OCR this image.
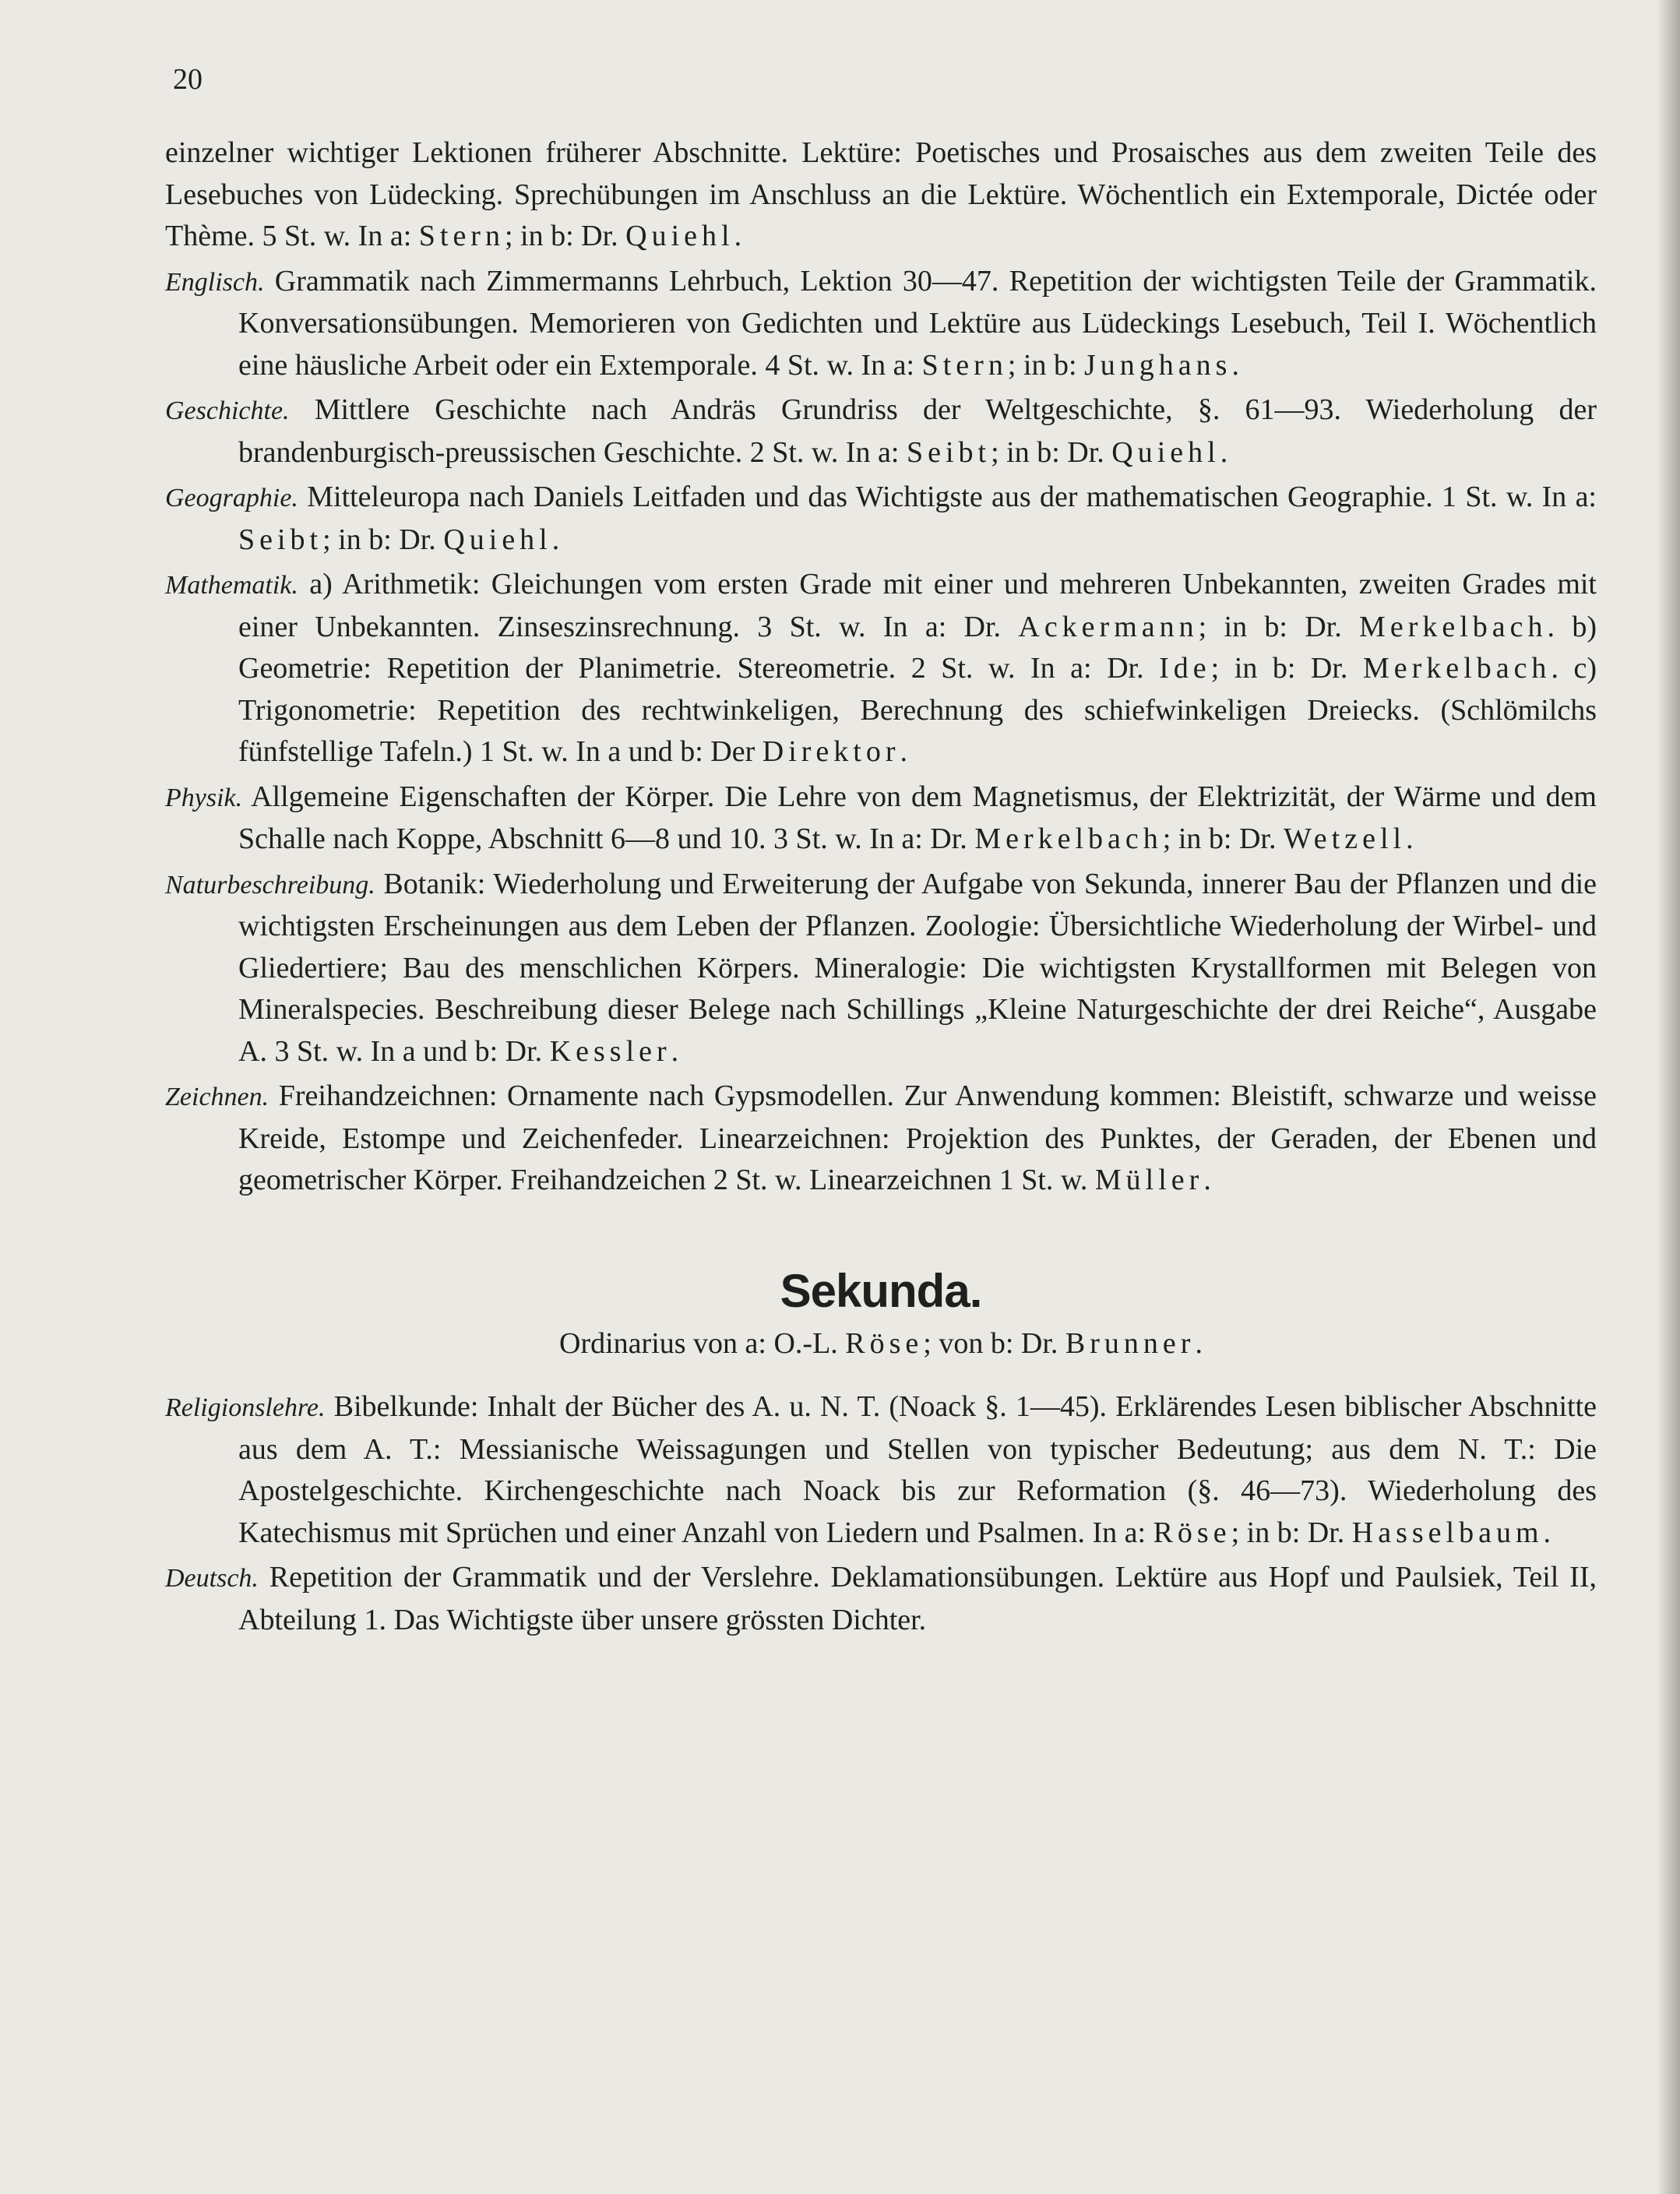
20

einzelner wichtiger Lektionen früherer Abschnitte. Lektüre: Poetisches und Prosaisches aus dem zweiten Teile des Lesebuches von Lüdecking. Sprechübungen im Anschluss an die Lektüre. Wöchentlich ein Extemporale, Dictée oder Thème. 5 St. w. In a: Stern; in b: Dr. Quiehl.

Englisch. Grammatik nach Zimmermanns Lehrbuch, Lektion 30—47. Repetition der wichtigsten Teile der Grammatik. Konversationsübungen. Memorieren von Gedichten und Lektüre aus Lüdeckings Lesebuch, Teil I. Wöchentlich eine häusliche Arbeit oder ein Extemporale. 4 St. w. In a: Stern; in b: Junghans.

Geschichte. Mittlere Geschichte nach Andräs Grundriss der Weltgeschichte, §. 61—93. Wiederholung der brandenburgisch-preussischen Geschichte. 2 St. w. In a: Seibt; in b: Dr. Quiehl.

Geographie. Mitteleuropa nach Daniels Leitfaden und das Wichtigste aus der mathematischen Geographie. 1 St. w. In a: Seibt; in b: Dr. Quiehl.

Mathematik. a) Arithmetik: Gleichungen vom ersten Grade mit einer und mehreren Unbekannten, zweiten Grades mit einer Unbekannten. Zinseszinsrechnung. 3 St. w. In a: Dr. Ackermann; in b: Dr. Merkelbach. b) Geometrie: Repetition der Planimetrie. Stereometrie. 2 St. w. In a: Dr. Ide; in b: Dr. Merkelbach. c) Trigonometrie: Repetition des rechtwinkeligen, Berechnung des schiefwinkeligen Dreiecks. (Schlömilchs fünfstellige Tafeln.) 1 St. w. In a und b: Der Direktor.

Physik. Allgemeine Eigenschaften der Körper. Die Lehre von dem Magnetismus, der Elektrizität, der Wärme und dem Schalle nach Koppe, Abschnitt 6—8 und 10. 3 St. w. In a: Dr. Merkelbach; in b: Dr. Wetzell.

Naturbeschreibung. Botanik: Wiederholung und Erweiterung der Aufgabe von Sekunda, innerer Bau der Pflanzen und die wichtigsten Erscheinungen aus dem Leben der Pflanzen. Zoologie: Übersichtliche Wiederholung der Wirbel- und Gliedertiere; Bau des menschlichen Körpers. Mineralogie: Die wichtigsten Krystallformen mit Belegen von Mineralspecies. Beschreibung dieser Belege nach Schillings „Kleine Naturgeschichte der drei Reiche“, Ausgabe A. 3 St. w. In a und b: Dr. Kessler.

Zeichnen. Freihandzeichnen: Ornamente nach Gypsmodellen. Zur Anwendung kommen: Bleistift, schwarze und weisse Kreide, Estompe und Zeichenfeder. Linearzeichnen: Projektion des Punktes, der Geraden, der Ebenen und geometrischer Körper. Freihandzeichen 2 St. w. Linearzeichnen 1 St. w. Müller.

Sekunda.
Ordinarius von a: O.-L. Röse; von b: Dr. Brunner.

Religionslehre. Bibelkunde: Inhalt der Bücher des A. u. N. T. (Noack §. 1—45). Erklärendes Lesen biblischer Abschnitte aus dem A. T.: Messianische Weissagungen und Stellen von typischer Bedeutung; aus dem N. T.: Die Apostelgeschichte. Kirchengeschichte nach Noack bis zur Reformation (§. 46—73). Wiederholung des Katechismus mit Sprüchen und einer Anzahl von Liedern und Psalmen. In a: Röse; in b: Dr. Hasselbaum.

Deutsch. Repetition der Grammatik und der Verslehre. Deklamationsübungen. Lektüre aus Hopf und Paulsiek, Teil II, Abteilung 1. Das Wichtigste über unsere grössten Dichter.
